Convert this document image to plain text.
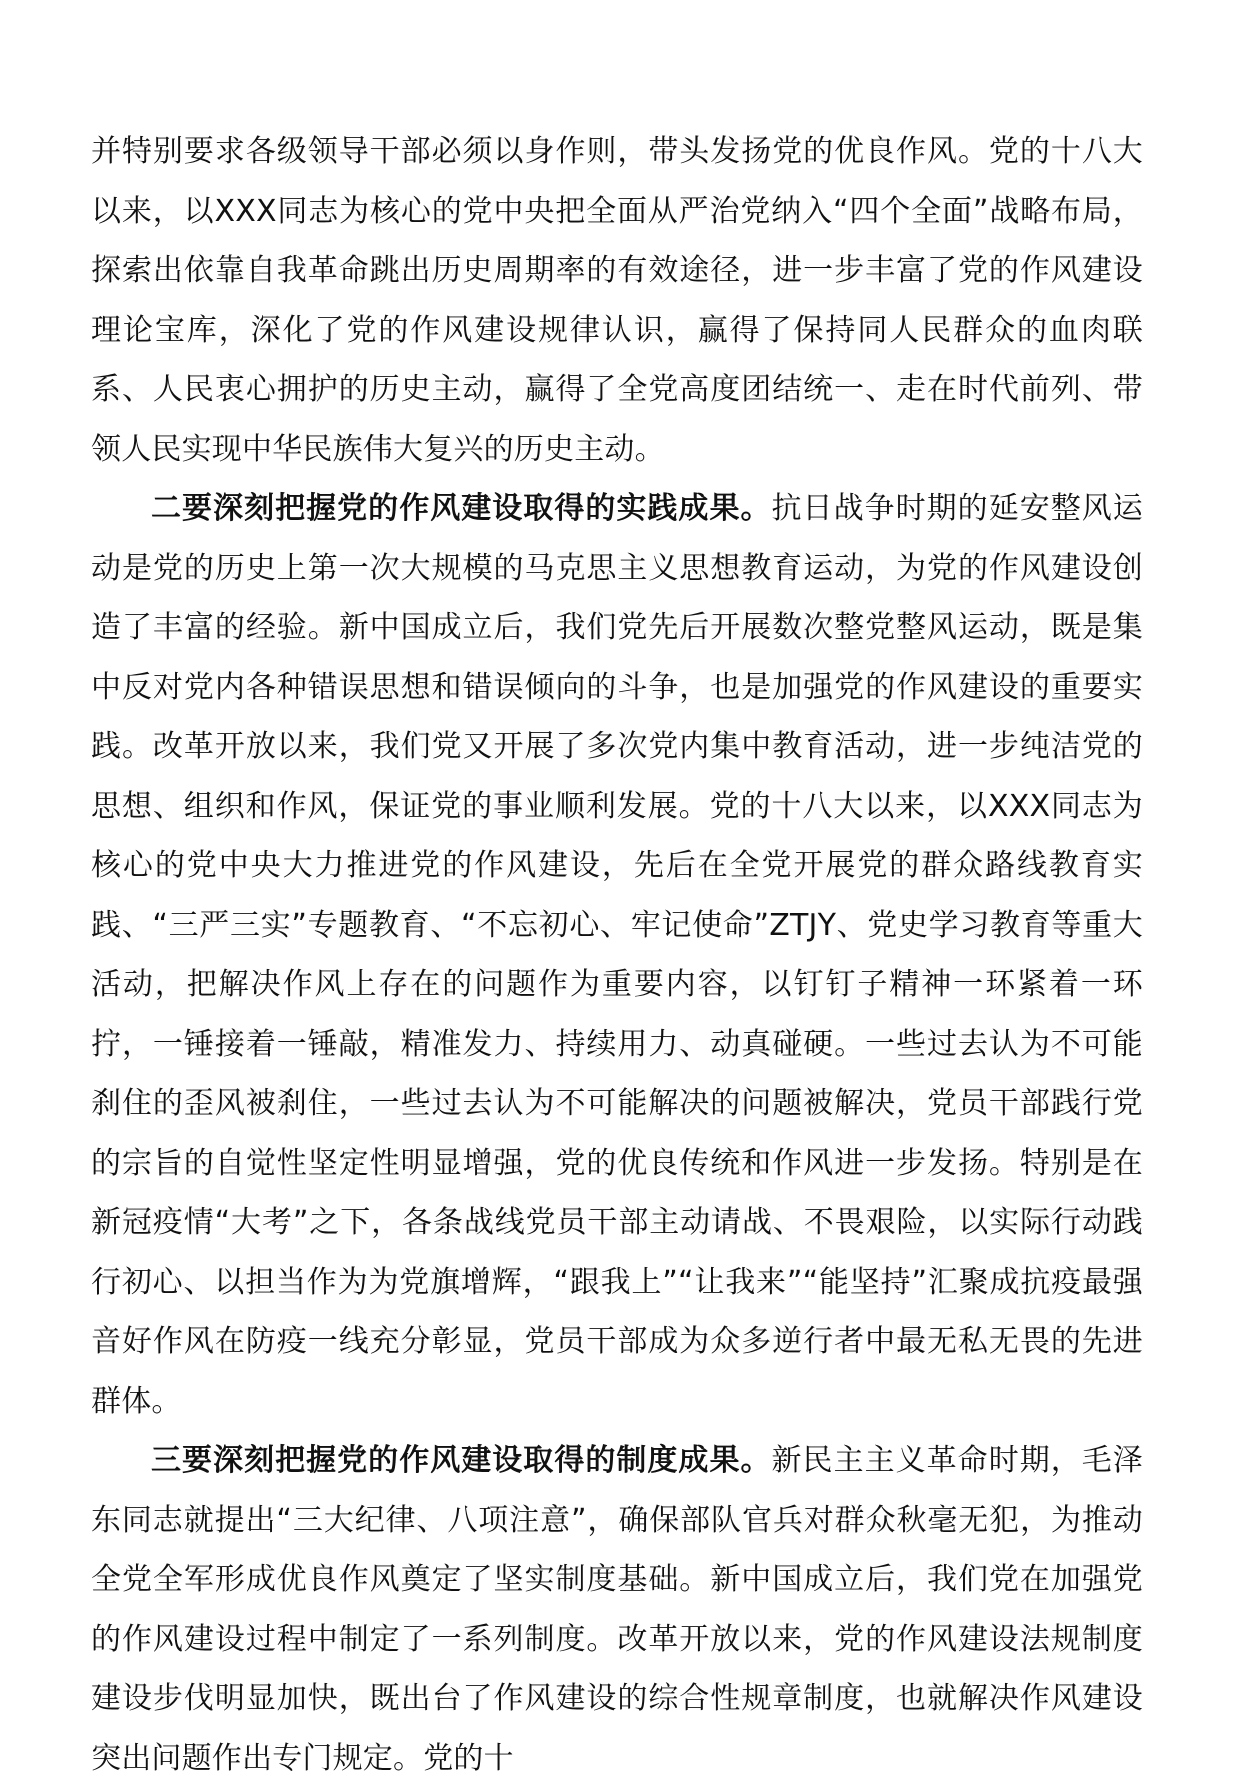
并特别要求各级领导干部必须以身作则，带头发扬党的优良作风。党的十八大以来，以XXX同志为核心的党中央把全面从严治党纳入“四个全面”战略布局，探索出依靠自我革命跳出历史周期率的有效途径，进一步丰富了党的作风建设理论宝库，深化了党的作风建设规律认识，赢得了保持同人民群众的血肉联系、人民衷心拥护的历史主动，赢得了全党高度团结统一、走在时代前列、带领人民实现中华民族伟大复兴的历史主动。

二要深刻把握党的作风建设取得的实践成果。抗日战争时期的延安整风运动是党的历史上第一次大规模的马克思主义思想教育运动，为党的作风建设创造了丰富的经验。新中国成立后，我们党先后开展数次整党整风运动，既是集中反对党内各种错误思想和错误倾向的斗争，也是加强党的作风建设的重要实践。改革开放以来，我们党又开展了多次党内集中教育活动，进一步纯洁党的思想、组织和作风，保证党的事业顺利发展。党的十八大以来，以XXX同志为核心的党中央大力推进党的作风建设，先后在全党开展党的群众路线教育实践、“三严三实”专题教育、“不忘初心、牢记使命”ZTJY、党史学习教育等重大活动，把解决作风上存在的问题作为重要内容，以钉钉子精神一环紧着一环拧，一锤接着一锤敲，精准发力、持续用力、动真碰硬。一些过去认为不可能刹住的歪风被刹住，一些过去认为不可能解决的问题被解决，党员干部践行党的宗旨的自觉性坚定性明显增强，党的优良传统和作风进一步发扬。特别是在新冠疫情“大考”之下，各条战线党员干部主动请战、不畏艰险，以实际行动践行初心、以担当作为为党旗增辉，“跟我上”“让我来”“能坚持”汇聚成抗疫最强音好作风在防疫一线充分彰显，党员干部成为众多逆行者中最无私无畏的先进群体。

三要深刻把握党的作风建设取得的制度成果。新民主主义革命时期，毛泽东同志就提出“三大纪律、八项注意”，确保部队官兵对群众秋毫无犯，为推动全党全军形成优良作风奠定了坚实制度基础。新中国成立后，我们党在加强党的作风建设过程中制定了一系列制度。改革开放以来，党的作风建设法规制度建设步伐明显加快，既出台了作风建设的综合性规章制度，也就解决作风建设突出问题作出专门规定。党的十
